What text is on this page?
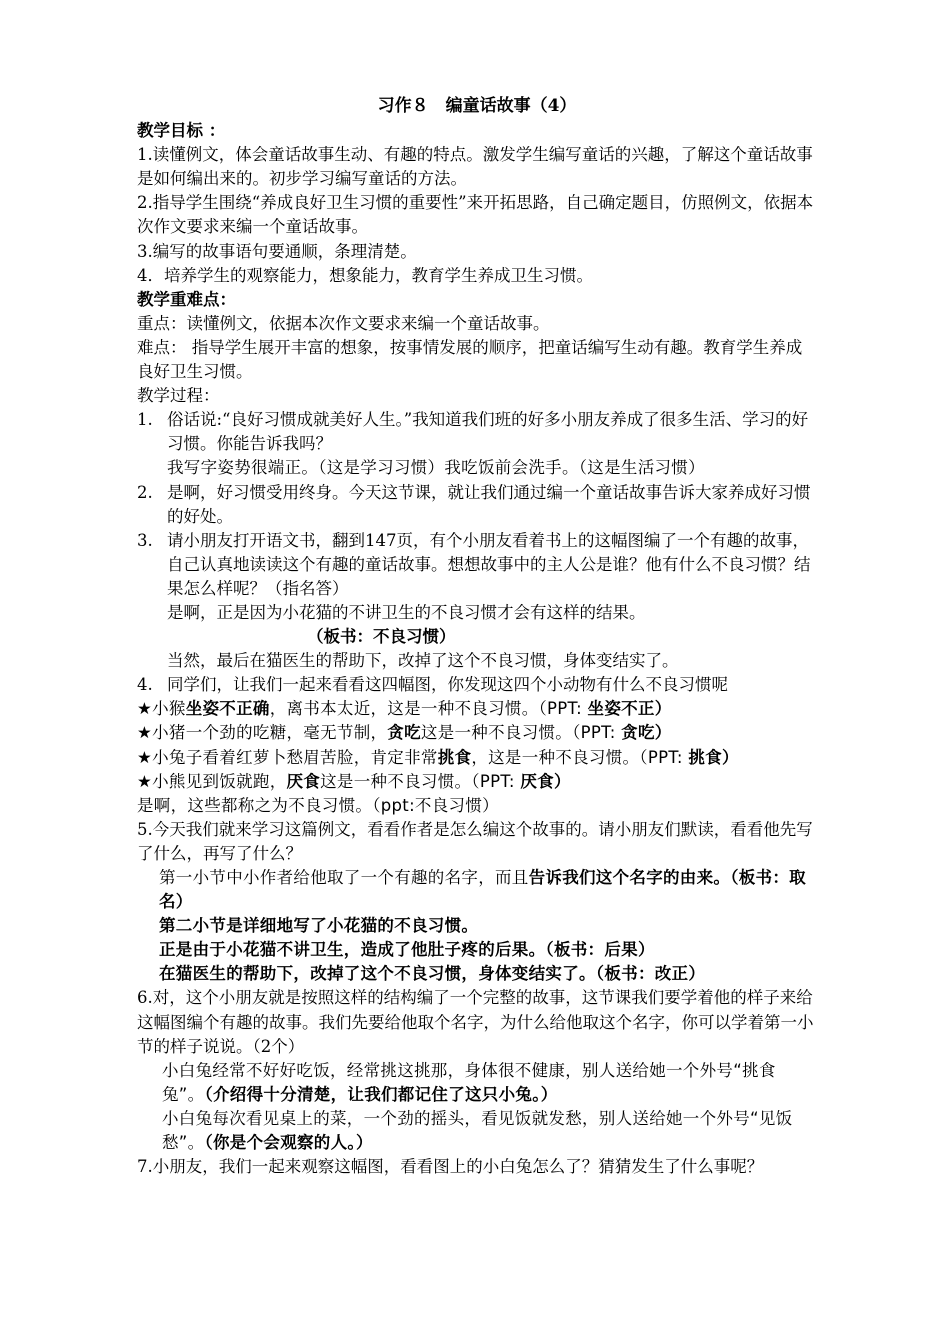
习作８　编童话故事（4）
教学目标 ：
1.读懂例文，体会童话故事生动、有趣的特点。激发学生编写童话的兴趣，了解这个童话故事是如何编出来的。初步学习编写童话的方法。
2.指导学生围绕“养成良好卫生习惯的重要性”来开拓思路，自己确定题目，仿照例文，依据本次作文要求来编一个童话故事。
3.编写的故事语句要通顺，条理清楚。
4．培养学生的观察能力，想象能力，教育学生养成卫生习惯。
教学重难点：
重点：读懂例文，依据本次作文要求来编一个童话故事。
难点： 指导学生展开丰富的想象，按事情发展的顺序，把童话编写生动有趣。教育学生养成良好卫生习惯。
教学过程：
1. 俗话说:“良好习惯成就美好人生。”我知道我们班的好多小朋友养成了很多生活、学习的好习惯。你能告诉我吗？
我写字姿势很端正。（这是学习习惯）我吃饭前会洗手。（这是生活习惯）
2. 是啊，好习惯受用终身。今天这节课，就让我们通过编一个童话故事告诉大家养成好习惯的好处。
3. 请小朋友打开语文书，翻到147页，有个小朋友看着书上的这幅图编了一个有趣的故事，自己认真地读读这个有趣的童话故事。想想故事中的主人公是谁？他有什么不良习惯？结果怎么样呢？（指名答）
是啊，正是因为小花猫的不讲卫生的不良习惯才会有这样的结果。
（板书：不良习惯）
当然，最后在猫医生的帮助下，改掉了这个不良习惯，身体变结实了。
4. 同学们，让我们一起来看看这四幅图，你发现这四个小动物有什么不良习惯呢
★小猴坐姿不正确，离书本太近，这是一种不良习惯。（PPT: 坐姿不正）
★小猪一个劲的吃糖，毫无节制，贪吃这是一种不良习惯。（PPT: 贪吃）
★小兔子看着红萝卜愁眉苦脸，肯定非常挑食，这是一种不良习惯。（PPT: 挑食）
★小熊见到饭就跑，厌食这是一种不良习惯。（PPT: 厌食）
是啊，这些都称之为不良习惯。（ppt:不良习惯）
5.今天我们就来学习这篇例文，看看作者是怎么编这个故事的。请小朋友们默读，看看他先写了什么，再写了什么？
第一小节中小作者给他取了一个有趣的名字，而且告诉我们这个名字的由来。（板书：取名）
第二小节是详细地写了小花猫的不良习惯。
正是由于小花猫不讲卫生，造成了他肚子疼的后果。（板书：后果）
在猫医生的帮助下，改掉了这个不良习惯，身体变结实了。（板书：改正）
6.对，这个小朋友就是按照这样的结构编了一个完整的故事，这节课我们要学着他的样子来给这幅图编个有趣的故事。我们先要给他取个名字，为什么给他取这个名字，你可以学着第一小节的样子说说。（2个）
小白兔经常不好好吃饭，经常挑这挑那，身体很不健康，别人送给她一个外号“挑食兔”。（介绍得十分清楚，让我们都记住了这只小兔。）
小白兔每次看见桌上的菜，一个劲的摇头，看见饭就发愁，别人送给她一个外号“见饭愁”。（你是个会观察的人。）
7.小朋友，我们一起来观察这幅图，看看图上的小白兔怎么了？猜猜发生了什么事呢？
